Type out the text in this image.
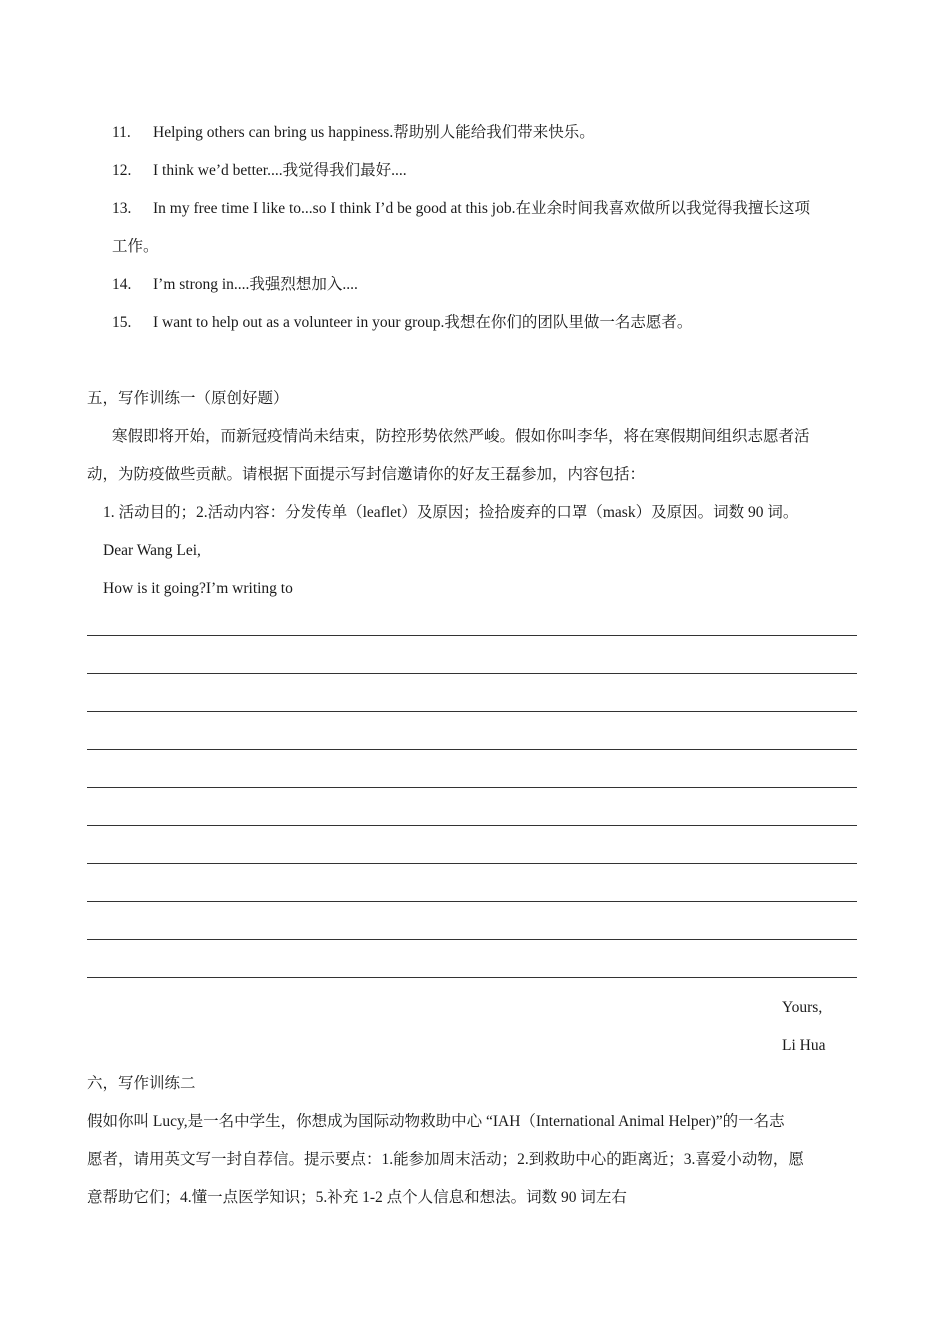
11. Helping others can bring us happiness.帮助别人能给我们带来快乐。
12. I think we’d better....我觉得我们最好....
13. In my free time I like to...so I think I’d be good at this job.在业余时间我喜欢做所以我觉得我擅长这项
工作。
14. I’m strong in....我强烈想加入....
15. I want to help out as a volunteer in your group.我想在你们的团队里做一名志愿者。
五，写作训练一（原创好题）
寒假即将开始，而新冠疫情尚未结束，防控形势依然严峻。假如你叫李华，将在寒假期间组织志愿者活
动，为防疫做些贡献。请根据下面提示写封信邀请你的好友王磊参加，内容包括：
1. 活动目的；2.活动内容：分发传单（leaflet）及原因；捡拾废弃的口罩（mask）及原因。词数 90 词。
Dear Wang Lei,
How is it going?I’m writing to
Yours,
Li Hua
六，写作训练二
假如你叫 Lucy,是一名中学生，你想成为国际动物救助中心 “IAH（International Animal Helper)”的一名志
愿者，请用英文写一封自荐信。提示要点：1.能参加周末活动；2.到救助中心的距离近；3.喜爱小动物，愿
意帮助它们；4.懂一点医学知识；5.补充 1-2 点个人信息和想法。词数 90 词左右
